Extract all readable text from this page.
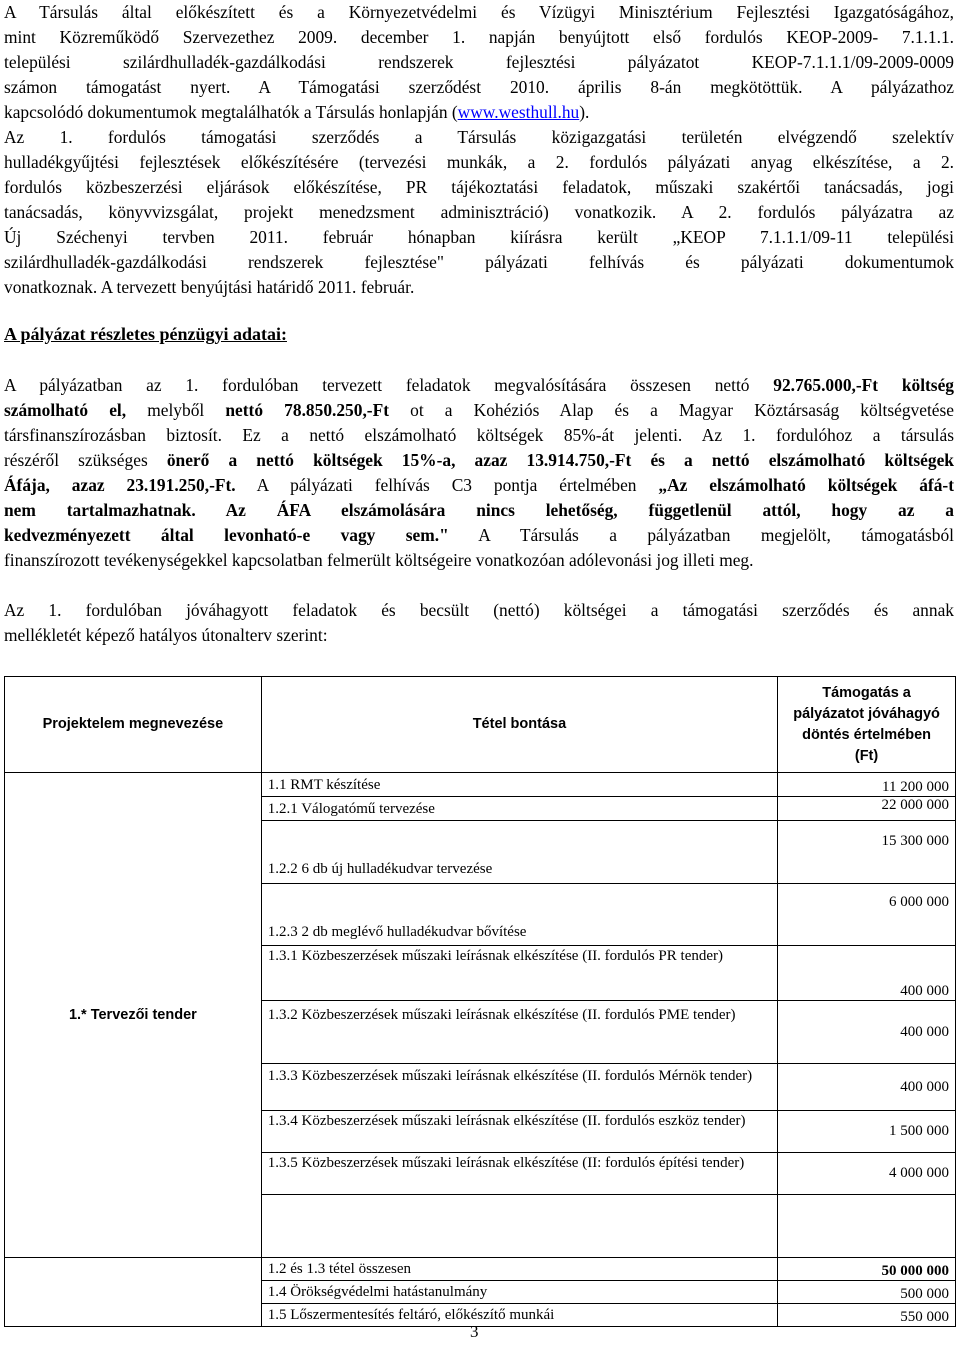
A Társulás által előkészített és a Környezetvédelmi és Vízügyi Minisztérium Fejlesztési Igazgatóságához,
mint Közreműködő Szervezethez 2009. december 1. napján benyújtott első fordulós KEOP-2009- 7.1.1.1.
települési szilárdhulladék-gazdálkodási rendszerek fejlesztési pályázatot KEOP-7.1.1.1/09-2009-0009
számon támogatást nyert. A Támogatási szerződést 2010. április 8-án megkötöttük. A pályázathoz
kapcsolódó dokumentumok megtalálhatók a Társulás honlapján (www.westhull.hu).
Az 1. fordulós támogatási szerződés a Társulás közigazgatási területén elvégzendő szelektív
hulladékgyűjtési fejlesztések előkészítésére (tervezési munkák, a 2. fordulós pályázati anyag elkészítése, a 2.
fordulós közbeszerzési eljárások előkészítése, PR tájékoztatási feladatok, műszaki szakértői tanácsadás, jogi
tanácsadás, könyvvizsgálat, projekt menedzsment adminisztráció) vonatkozik. A 2. fordulós pályázatra az
Új Széchenyi tervben 2011. február hónapban kiírásra került „KEOP 7.1.1.1/09-11 települési
szilárdhulladék-gazdálkodási rendszerek fejlesztése" pályázati felhívás és pályázati dokumentumok
vonatkoznak. A tervezett benyújtási határidő 2011. február.
A pályázat részletes pénzügyi adatai:
A pályázatban az 1. fordulóban tervezett feladatok megvalósítására összesen nettó 92.765.000,-Ft költség
számolható el, melyből nettó 78.850.250,-Ft ot a Kohéziós Alap és a Magyar Köztársaság költségvetése
társfinanszírozásban biztosít. Ez a nettó elszámolható költségek 85%-át jelenti. Az 1. fordulóhoz a társulás
részéről szükséges önerő a nettó költségek 15%-a, azaz 13.914.750,-Ft és a nettó elszámolható költségek
Áfája, azaz 23.191.250,-Ft. A pályázati felhívás C3 pontja értelmében „Az elszámolható költségek áfá-t
nem tartalmazhatnak. Az ÁFA elszámolására nincs lehetőség, függetlenül attól, hogy az a
kedvezményezett által levonható-e vagy sem." A Társulás a pályázatban megjelölt, támogatásból
finanszírozott tevékenységekkel kapcsolatban felmerült költségeire vonatkozóan adólevonási jog illeti meg.
Az 1. fordulóban jóváhagyott feladatok és becsült (nettó) költségei a támogatási szerződés és annak
mellékletét képező hatályos útonalterv szerint:
Projektelem megnevezése	Tétel bontása	Támogatás a
pályázatot jóváhagyó
döntés értelmében
(Ft)
1.* Tervezői tender	1.1 RMT készítése	11 200 000
	1.2.1 Válogatómű tervezése	22 000 000
	1.2.2 6 db új hulladékudvar tervezése	15 300 000
	1.2.3 2 db meglévő hulladékudvar bővítése	6 000 000
	1.3.1 Közbeszerzések műszaki leírásnak elkészítése (II. fordulós PR tender)	400 000
	1.3.2 Közbeszerzések műszaki leírásnak elkészítése (II. fordulós PME tender)	400 000
	1.3.3 Közbeszerzések műszaki leírásnak elkészítése (II. fordulós Mérnök tender)	400 000
	1.3.4 Közbeszerzések műszaki leírásnak elkészítése (II. fordulós eszköz tender)	1 500 000
	1.3.5 Közbeszerzések műszaki leírásnak elkészítése (II: fordulós építési tender)	4 000 000

	1.2 és 1.3 tétel összesen	50 000 000
	1.4 Örökségvédelmi hatástanulmány	500 000
	1.5 Lőszermentesítés feltáró, előkészítő munkái	550 000
3
